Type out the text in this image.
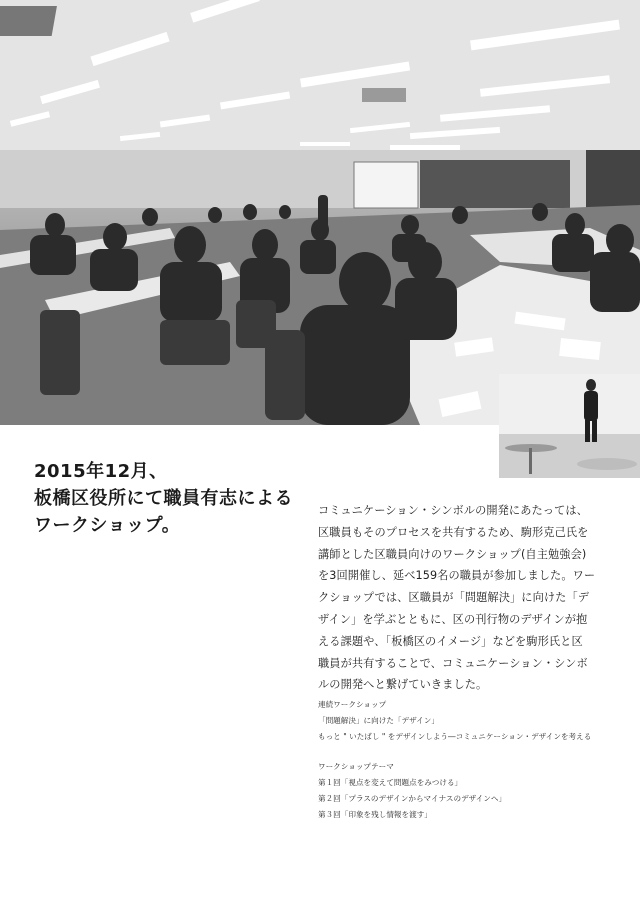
2015年12月、
板橋区役所にて職員有志による
ワークショップ。

コミュニケーション・シンボルの開発にあたっては、
区職員もそのプロセスを共有するため、駒形克己氏を
講師とした区職員向けのワークショップ(自主勉強会)
を3回開催し、延べ159名の職員が参加しました。ワー
クショップでは、区職員が「問題解決」に向けた「デ
ザイン」を学ぶとともに、区の刊行物のデザインが抱
える課題や、「板橋区のイメージ」などを駒形氏と区
職員が共有することで、コミュニケーション・シンボ
ルの開発へと繋げていきました。

連続ワークショップ

「問題解決」に向けた「デザイン」

もっと " いたばし " をデザインしよう―コミュニケーション・デザインを考える

ワークショップテーマ

第１回「視点を変えて問題点をみつける」

第２回「プラスのデザインからマイナスのデザインへ」

第３回「印象を残し情報を渡す」
